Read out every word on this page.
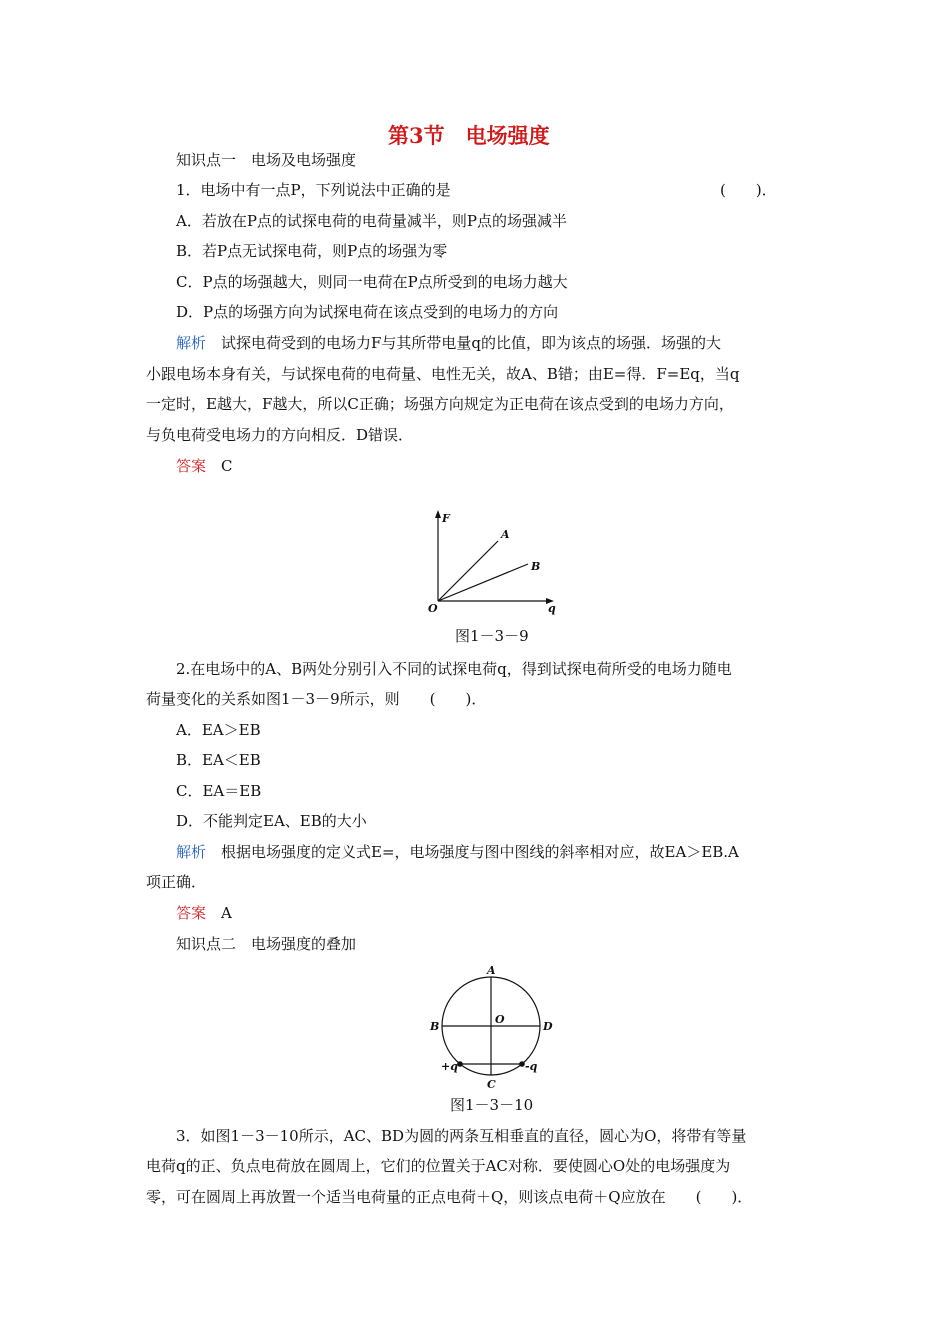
第3节　电场强度
知识点一　电场及电场强度
1．电场中有一点P，下列说法中正确的是	(　　)．
A．若放在P点的试探电荷的电荷量减半，则P点的场强减半
B．若P点无试探电荷，则P点的场强为零
C．P点的场强越大，则同一电荷在P点所受到的电场力越大
D．P点的场强方向为试探电荷在该点受到的电场力的方向
解析　试探电荷受到的电场力F与其所带电量q的比值，即为该点的场强．场强的大
小跟电场本身有关，与试探电荷的电荷量、电性无关，故A、B错；由E=得．F=Eq，当q
一定时，E越大，F越大，所以C正确；场强方向规定为正电荷在该点受到的电场力方向，
与负电荷受电场力的方向相反．D错误．
答案　C
F
q
O
A
B
图1－3－9
2.在电场中的A、B两处分别引入不同的试探电荷q，得到试探电荷所受的电场力随电
荷量变化的关系如图1－3－9所示，则　　(　　)．
A．EA＞EB
B．EA＜EB
C．EA＝EB
D．不能判定EA、EB的大小
解析　根据电场强度的定义式E=，电场强度与图中图线的斜率相对应，故EA＞EB.A
项正确．
答案　A
知识点二　电场强度的叠加
A
B	D
O
C
+q	-q
图1－3－10
3．如图1－3－10所示，AC、BD为圆的两条互相垂直的直径，圆心为O，将带有等量
电荷q的正、负点电荷放在圆周上，它们的位置关于AC对称．要使圆心O处的电场强度为
零，可在圆周上再放置一个适当电荷量的正点电荷＋Q，则该点电荷＋Q应放在　　(　　)．
